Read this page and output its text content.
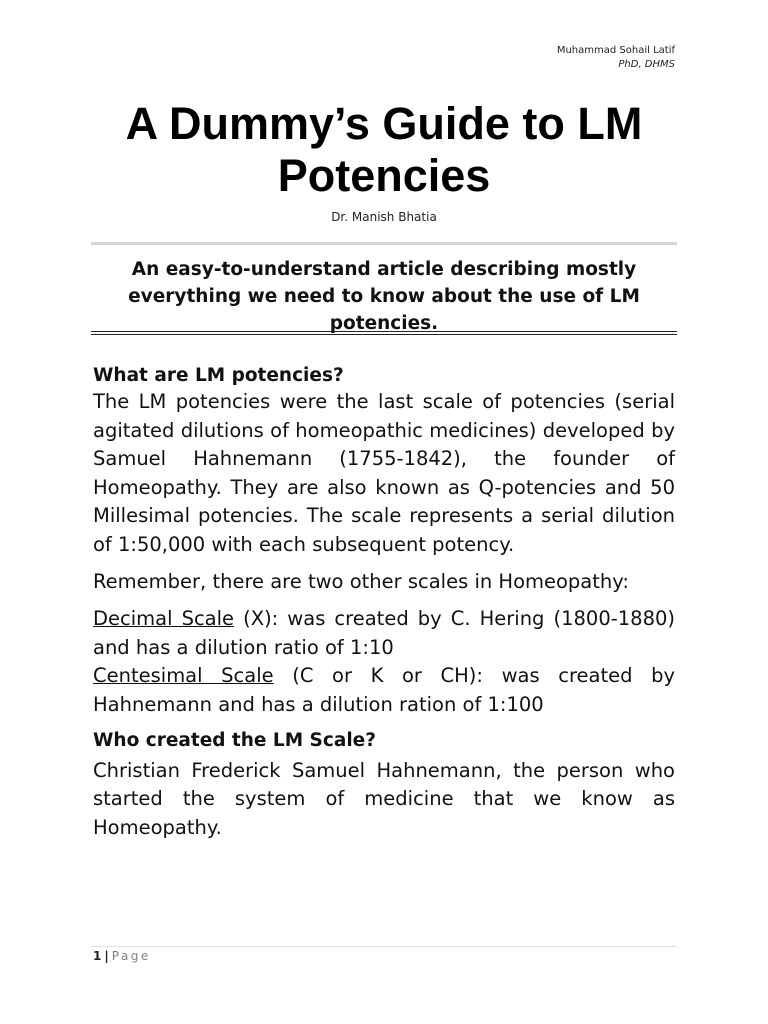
Muhammad Sohail Latif
PhD, DHMS
A Dummy’s Guide to LM
Potencies
Dr. Manish Bhatia
An easy-to-understand article describing mostly everything we need to know about the use of LM potencies.

What are LM potencies?

The LM potencies were the last scale of potencies (serial agitated dilutions of homeopathic medicines) developed by Samuel Hahnemann (1755-1842), the founder of Homeopathy. They are also known as Q-potencies and 50 Millesimal potencies. The scale represents a serial dilution of 1:50,000 with each subsequent potency.

Remember, there are two other scales in Homeopathy:

Decimal Scale (X): was created by C. Hering (1800-1880) and has a dilution ratio of 1:10

Centesimal Scale (C or K or CH): was created by Hahnemann and has a dilution ration of 1:100

Who created the LM Scale?

Christian Frederick Samuel Hahnemann, the person who started the system of medicine that we know as Homeopathy.

1 | Page
